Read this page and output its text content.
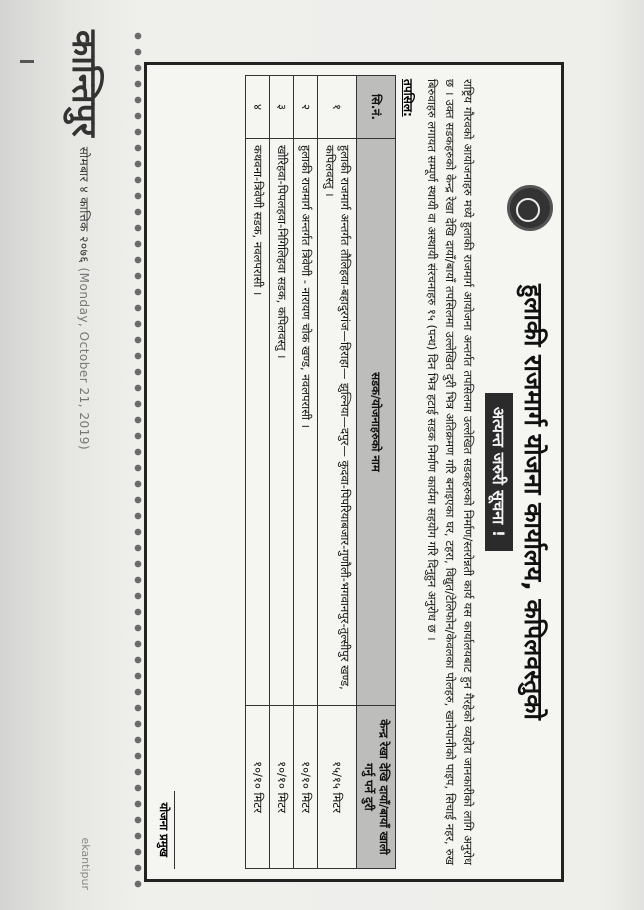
हुलाकी राजमार्ग योजना कार्यालय, कपिलवस्तुको
अत्यन्त जरुरी सूचना !

राष्ट्रिय गौरवको आयोजनाहरु मध्ये हुलाकी राजमार्ग आयोजना अन्तर्गत तपसिलमा उल्लेखित सडकहरुको निर्माण/स्तरोन्नती कार्य यस कार्यालयबाट हुन गैरहेको व्यहोरा जानकारीको लागि अनुरोध छ । उक्त सडकहरुको केन्द्र रेखा देखि दायाँ/बायाँ तपसिलमा उल्लेखित दुरी भित्र अतिक्रमण गरि बनाइएका घर, टहरा, विद्युत/टेलिफोन/केवलका पोलहरु, खानेपानीको पाइप, सिचाई नहर, रुख बिरुवाहरु लगायत सम्पूर्ण स्थायी वा अस्थायी संरचनाहरु १५ (पन्ध) दिन भित्र हटाई सडक निर्माण कार्यमा सहयोग गरि दिनुहुन अनुरोध छ ।

तपसिल:
सि.नं.	सडक/योजनाहरुको नाम	केन्द्र रेखा देखि दायाँ/बायाँ खाली गर्नु पर्ने दुरी
१	हुलाकी राजमार्ग अन्तर्गत तौलिहवा-बहादुरगंज—हिराहा— झुल्निया—दपुर— कुदवा-पिपरियाबजार-गुणौली-भगवानपुर-तुल्सीपुर खण्ड, कपिलवस्तु ।	१५/१५ मिटर
२	हुलाकी राजमार्ग अन्तर्गत त्रिवेणी - नारायण चोक खण्ड, नवलपरासी ।	१०/१० मिटर
३	खोरिहवा-पिपलहवा-निगिलिहवा सडक, कपिलवस्तु ।	१०/१० मिटर
४	कथवना-त्रिवेणी सडक, नवलपरासी ।	१०/१० मिटर
योजना प्रमुख
कान्तिपुर
सोमबार ४ कात्तिक २०७६ (Monday, October 21, 2019)
ekantipur
